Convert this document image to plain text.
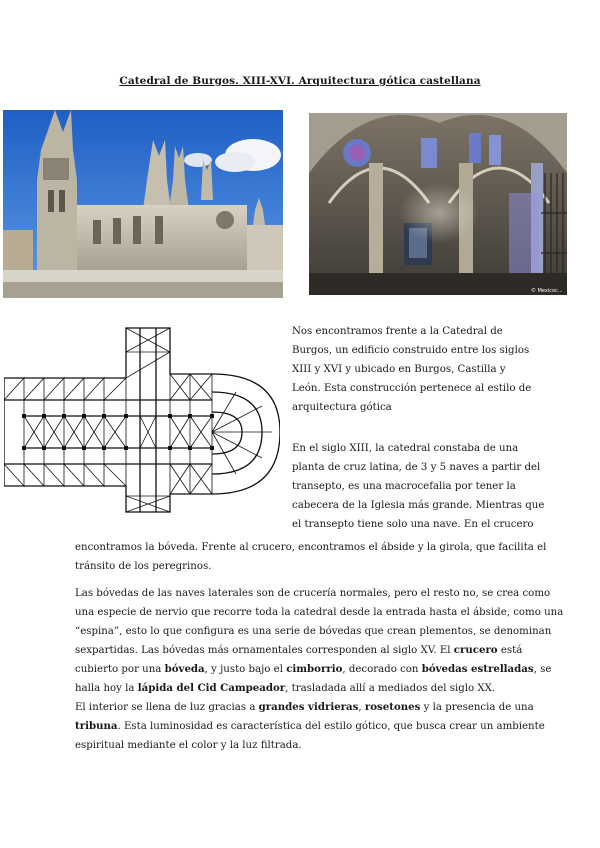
Catedral de Burgos. XIII-XVI. Arquitectura gótica castellana
© Mexicoc...
Nos encontramos frente a la Catedral de
Burgos, un edificio construido entre los siglos
XIII y XVI y ubicado en Burgos, Castilla y
León. Esta construcción pertenece al estilo de
arquitectura gótica
En el siglo XIII, la catedral constaba de una
planta de cruz latina, de 3 y 5 naves a partir del
transepto, es una macrocefalia por tener la
cabecera de la Iglesia más grande. Mientras que
el transepto tiene solo una nave. En el crucero
encontramos la bóveda. Frente al crucero, encontramos el ábside y la girola, que facilita el
tránsito de los peregrinos.
Las bóvedas de las naves laterales son de crucería normales, pero el resto no, se crea como
una especie de nervio que recorre toda la catedral desde la entrada hasta el ábside, como una
“espina”, esto lo que configura es una serie de bóvedas que crean plementos, se denominan
sexpartidas. Las bóvedas más ornamentales corresponden al siglo XV. El crucero está
cubierto por una bóveda, y justo bajo el cimborrio, decorado con bóvedas estrelladas, se
halla hoy la lápida del Cid Campeador, trasladada allí a mediados del siglo XX.
El interior se llena de luz gracias a grandes vidrieras, rosetones y la presencia de una
tribuna. Esta luminosidad es característica del estilo gótico, que busca crear un ambiente
espiritual mediante el color y la luz filtrada.
